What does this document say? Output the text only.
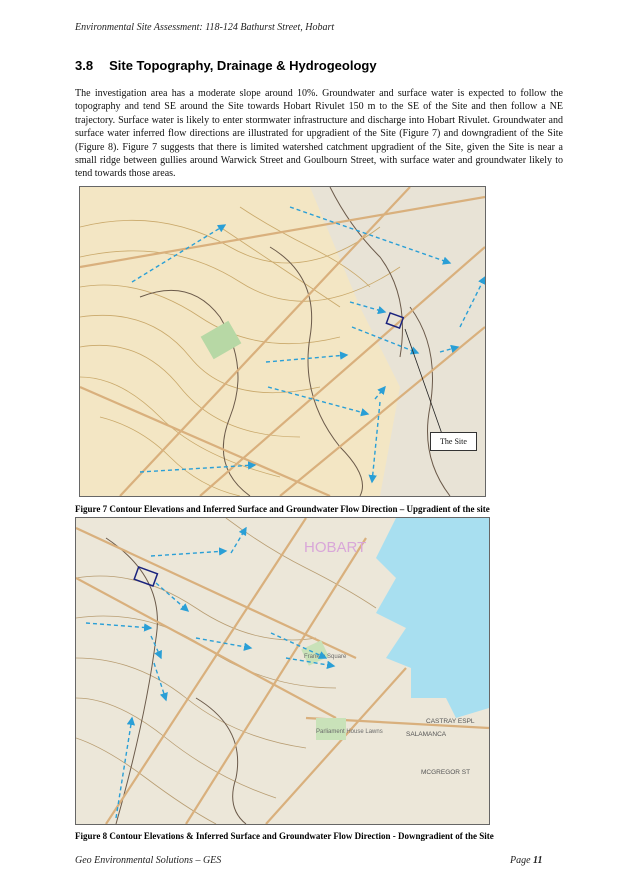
Environmental Site Assessment: 118-124 Bathurst Street, Hobart
3.8 Site Topography, Drainage & Hydrogeology

The investigation area has a moderate slope around 10%. Groundwater and surface water is expected to follow the topography and tend SE around the Site towards Hobart Rivulet 150 m to the SE of the Site and then follow a NE trajectory. Surface water is likely to enter stormwater infrastructure and discharge into Hobart Rivulet. Groundwater and surface water inferred flow directions are illustrated for upgradient of the Site (Figure 7) and downgradient of the Site (Figure 8). Figure 7 suggests that there is limited watershed catchment upgradient of the Site, given the Site is near a small ridge between gullies around Warwick Street and Goulbourn Street, with surface water and groundwater likely to tend towards those areas.

The Site
Figure 7 Contour Elevations and Inferred Surface and Groundwater Flow Direction – Upgradient of the site
HOBART
Franklin Square
Parliament House Lawns
CASTRAY ESPL
SALAMANCA
MCGREGOR ST
Figure 8 Contour Elevations & Inferred Surface and Groundwater Flow Direction - Downgradient of the Site
Geo Environmental Solutions – GES	Page 11
